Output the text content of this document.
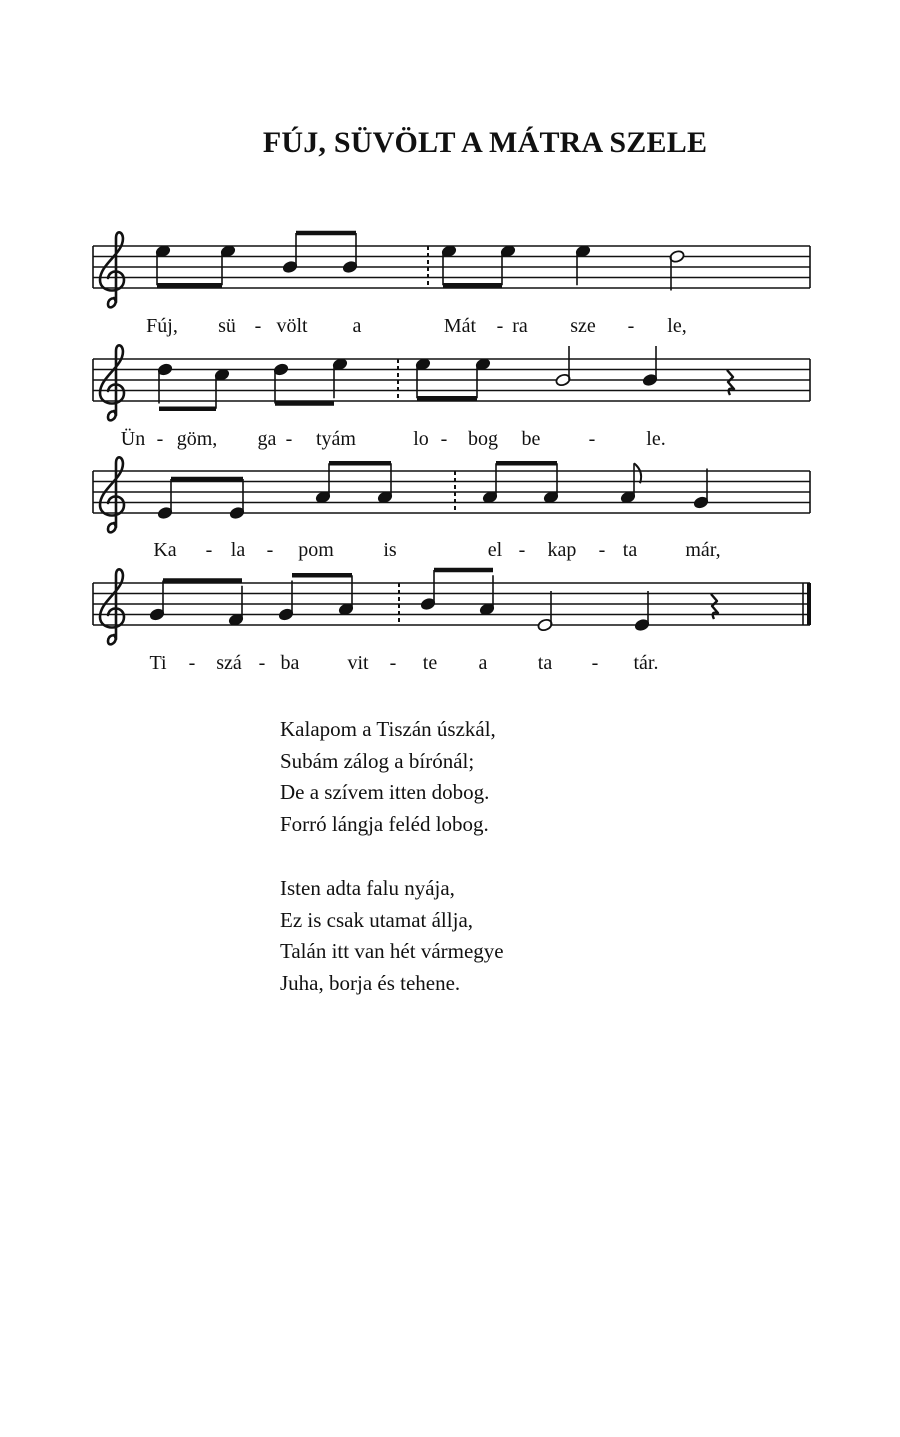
FÚJ, SÜVÖLT A MÁTRA SZELE
Fúj, sü - völt a	Mát - ra sze - le,
Ün - göm, ga - tyám	lo - bog be -	le.
Ka - la - pom is	el - kap - ta már,
Ti - szá - ba vit - te a	ta - tár.
Kalapom a Tiszán úszkál,
Subám zálog a bírónál;
De a szívem itten dobog.
Forró lángja feléd lobog.
Isten adta falu nyája,
Ez is csak utamat állja,
Talán itt van hét vármegye
Juha, borja és tehene.
